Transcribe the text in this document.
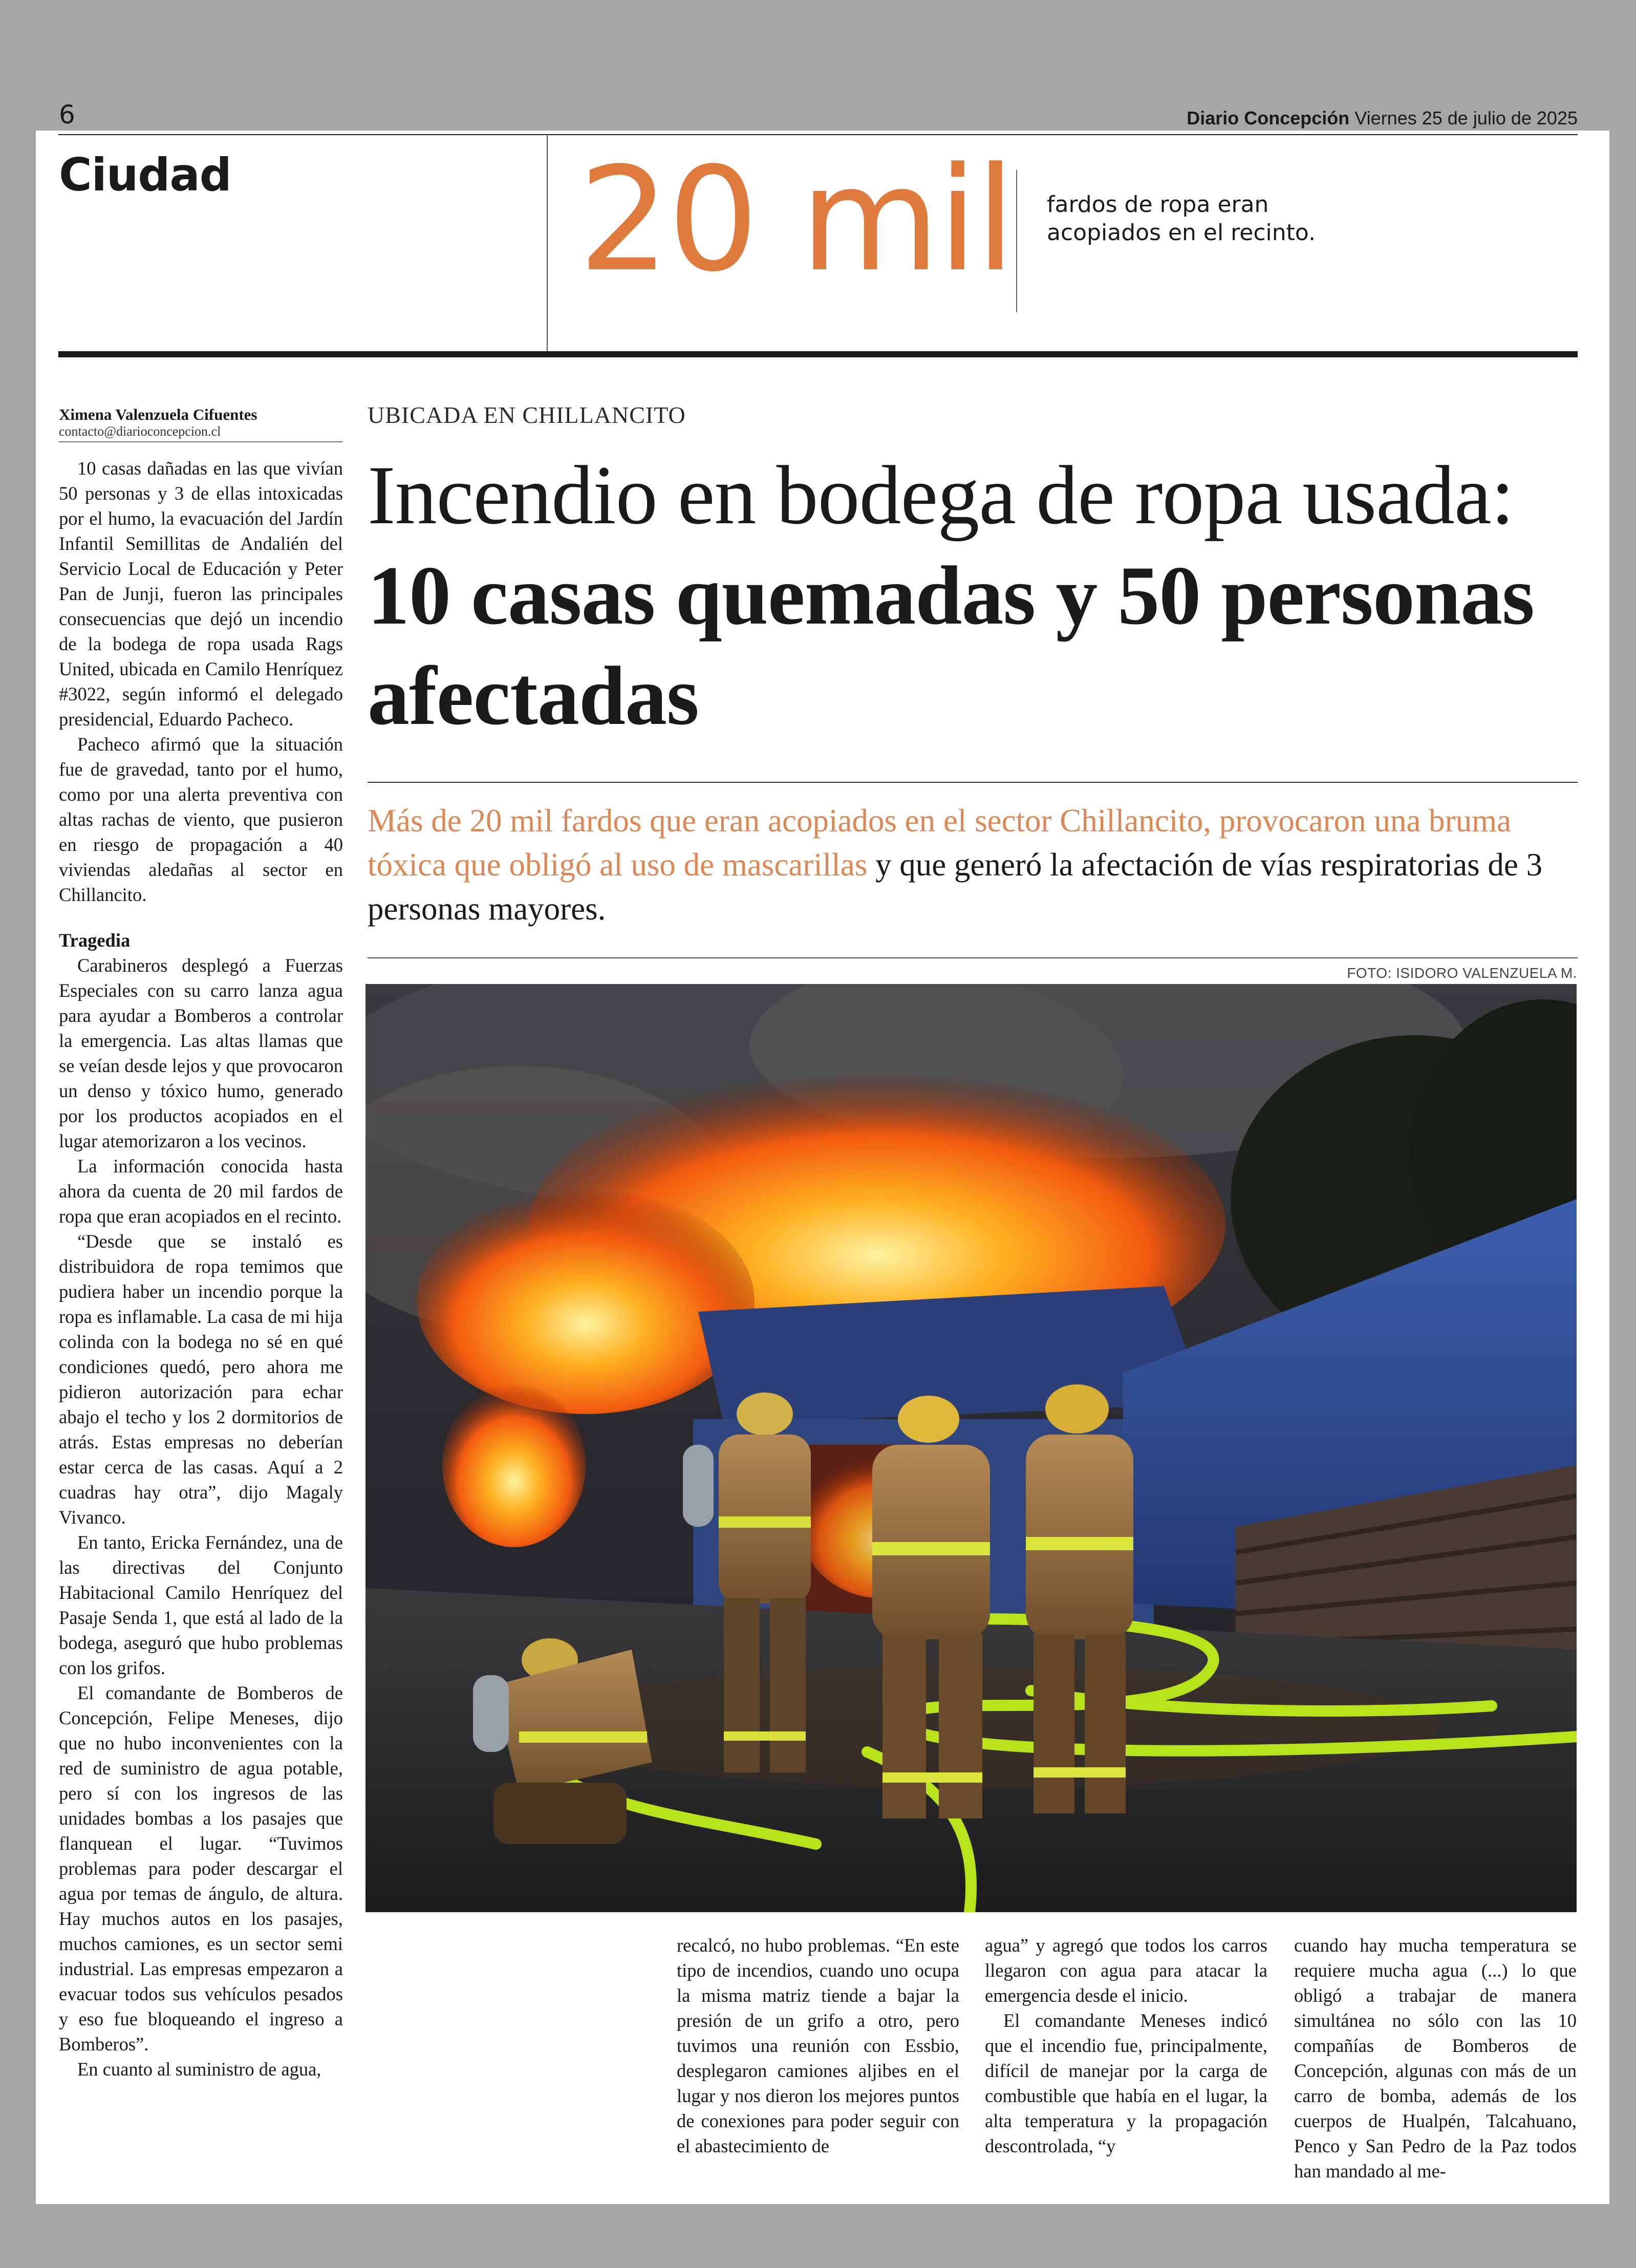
6	Diario Concepción Viernes 25 de julio de 2025
Ciudad 20 mil fardos de ropa eran
acopiados en el recinto.
Ximena Valenzuela Cifuentes
contacto@diarioconcepcion.cl

10 casas dañadas en las que vivían 50 personas y 3 de ellas intoxicadas por el humo, la evacuación del Jardín Infantil Semillitas de Andalién del Servicio Local de Educación y Peter Pan de Junji, fueron las principales consecuencias que dejó un incendio de la bodega de ropa usada Rags United, ubicada en Camilo Henríquez #3022, según informó el delegado presidencial, Eduardo Pacheco.

Pacheco afirmó que la situación fue de gravedad, tanto por el humo, como por una alerta preventiva con altas rachas de viento, que pusieron en riesgo de propagación a 40 viviendas aledañas al sector en Chillancito.

Tragedia

Carabineros desplegó a Fuerzas Especiales con su carro lanza agua para ayudar a Bomberos a controlar la emergencia. Las altas llamas que se veían desde lejos y que provocaron un denso y tóxico humo, generado por los productos acopiados en el lugar atemorizaron a los vecinos.

La información conocida hasta ahora da cuenta de 20 mil fardos de ropa que eran acopiados en el recinto.

“Desde que se instaló es distribuidora de ropa temimos que pudiera haber un incendio porque la ropa es inflamable. La casa de mi hija colinda con la bodega no sé en qué condiciones quedó, pero ahora me pidieron autorización para echar abajo el techo y los 2 dormitorios de atrás. Estas empresas no deberían estar cerca de las casas. Aquí a 2 cuadras hay otra”, dijo Magaly Vivanco.

En tanto, Ericka Fernández, una de las directivas del Conjunto Habitacional Camilo Henríquez del Pasaje Senda 1, que está al lado de la bodega, aseguró que hubo problemas con los grifos.

El comandante de Bomberos de Concepción, Felipe Meneses, dijo que no hubo inconvenientes con la red de suministro de agua potable, pero sí con los ingresos de las unidades bombas a los pasajes que flanquean el lugar. “Tuvimos problemas para poder descargar el agua por temas de ángulo, de altura. Hay muchos autos en los pasajes, muchos camiones, es un sector semi industrial. Las empresas empezaron a evacuar todos sus vehículos pesados y eso fue bloqueando el ingreso a Bomberos”.

En cuanto al suministro de agua,

UBICADA EN CHILLANCITO
Incendio en bodega de ropa usada: 10 casas quemadas y 50 personas afectadas
Más de 20 mil fardos que eran acopiados en el sector Chillancito, provocaron una bruma tóxica que obligó al uso de mascarillas y que generó la afectación de vías respiratorias de 3 personas mayores.
FOTO: ISIDORO VALENZUELA M.

recalcó, no hubo problemas. “En este tipo de incendios, cuando uno ocupa la misma matriz tiende a bajar la presión de un grifo a otro, pero tuvimos una reunión con Essbio, desplegaron camiones aljibes en el lugar y nos dieron los mejores puntos de conexiones para poder seguir con el abastecimiento de

agua” y agregó que todos los carros llegaron con agua para atacar la emergencia desde el inicio.

El comandante Meneses indicó que el incendio fue, principalmente, difícil de manejar por la carga de combustible que había en el lugar, la alta temperatura y la propagación descontrolada, “y

cuando hay mucha temperatura se requiere mucha agua (...) lo que obligó a trabajar de manera simultánea no sólo con las 10 compañías de Bomberos de Concepción, algunas con más de un carro de bomba, además de los cuerpos de Hualpén, Talcahuano, Penco y San Pedro de la Paz todos han mandado al me-
